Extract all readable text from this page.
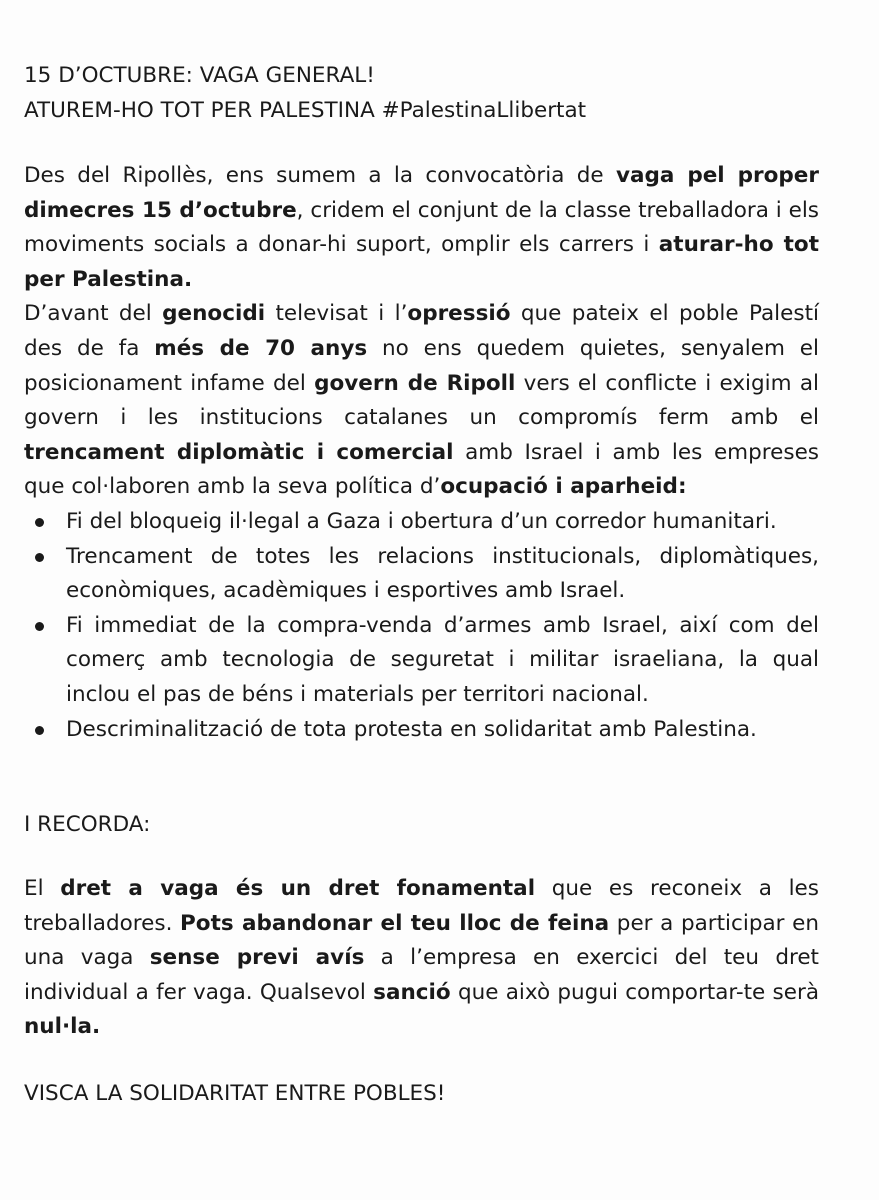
15 D’OCTUBRE: VAGA GENERAL!
ATUREM-HO TOT PER PALESTINA #PalestinaLlibertat

Des del Ripollès, ens sumem a la convocatòria de vaga pel proper dimecres 15 d’octubre, cridem el conjunt de la classe treballadora i els moviments socials a donar-hi suport, omplir els carrers i aturar-ho tot per Palestina.

D’avant del genocidi televisat i l’opressió que pateix el poble Palestí des de fa més de 70 anys no ens quedem quietes, senyalem el posicionament infame del govern de Ripoll vers el conflicte i exigim al govern i les institucions catalanes un compromís ferm amb el trencament diplomàtic i comercial amb Israel i amb les empreses que col·laboren amb la seva política d’ocupació i aparheid:

Fi del bloqueig il·legal a Gaza i obertura d’un corredor humanitari.
Trencament de totes les relacions institucionals, diplomàtiques, econòmiques, acadèmiques i esportives amb Israel.
Fi immediat de la compra-venda d’armes amb Israel, així com del comerç amb tecnologia de seguretat i militar israeliana, la qual inclou el pas de béns i materials per territori nacional.
Descriminalització de tota protesta en solidaritat amb Palestina.
I RECORDA:

El dret a vaga és un dret fonamental que es reconeix a les treballadores. Pots abandonar el teu lloc de feina per a participar en una vaga sense previ avís a l’empresa en exercici del teu dret individual a fer vaga. Qualsevol sanció que això pugui comportar-te serà nul·la.

VISCA LA SOLIDARITAT ENTRE POBLES!
